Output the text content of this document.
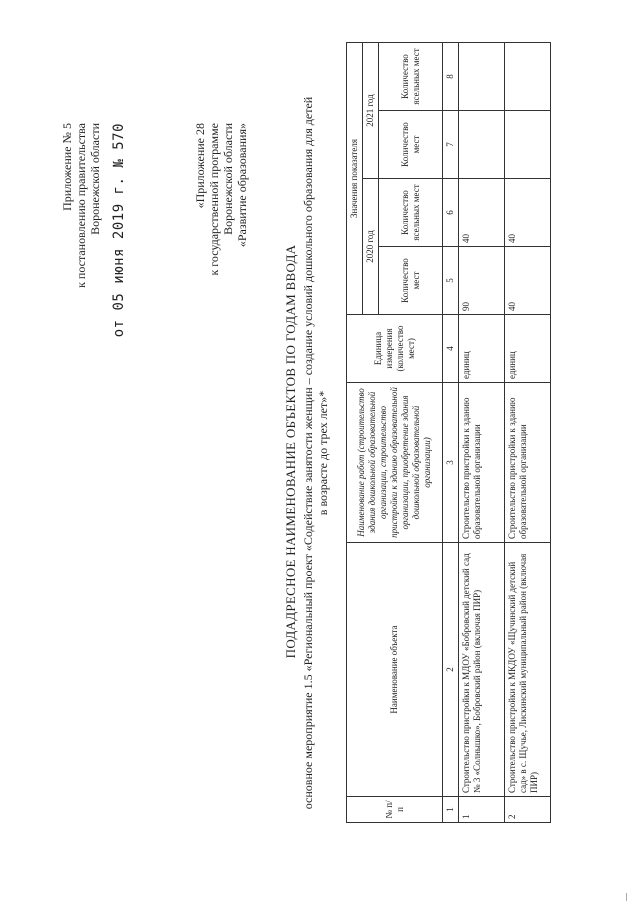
Приложение № 5 к постановлению правительства Воронежской области от 05 июня 2019 г. № 570	«Приложение 28 к государственной программе Воронежской области «Развитие образования»
ПОДАДРЕСНОЕ НАИМЕНОВАНИЕ ОБЪЕКТОВ ПО ГОДАМ ВВОДА основное мероприятие 1.5 «Региональный проект «Содействие занятости женщин – создание условий дошкольного образования для детей в возрасте до трех лет»*
№ п/п	Наименование объекта	Наименование работ (строительство здания дошкольной образовательной организации, строительство пристройки к зданию образовательной организации, приобретение здания дошкольной образовательной организации)	Единица измерения (количество мест)	Значения показателя			
				2020 год		2021 год	
				Количество мест	Количество ясельных мест	Количество мест	Количество ясельных мест
1	2	3	4	5	6	7	8
1	Строительство пристройки к МДОУ «Бобровский детский сад № 3 «Солнышко», Бобровский район (включая ПИР)	Строительство пристройки к зданию образовательной организации	единиц	90	40		
2	Строительство пристройки к МКДОУ «Щучинский детский сад» в с. Щучье, Лискинский муниципальный район (включая ПИР)	Строительство пристройки к зданию образовательной организации	единиц	40	40		
